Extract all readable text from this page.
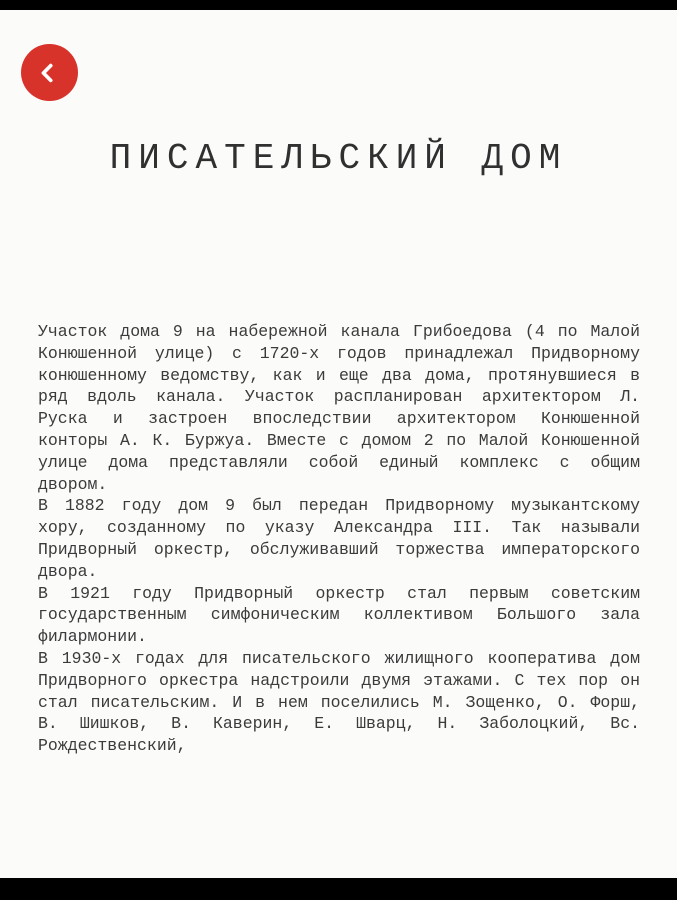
ПИСАТЕЛЬСКИЙ ДОМ

Участок дома 9 на набережной канала Грибоедова (4 по Малой Конюшенной улице) с 1720-х годов принадлежал Придворному конюшенному ведомству, как и еще два дома, протянувшиеся в ряд вдоль канала. Участок распланирован архитектором Л. Руска и застроен впоследствии архитектором Конюшенной конторы А. К. Буржуа. Вместе с домом 2 по Малой Конюшенной улице дома представляли собой единый комплекс с общим двором.

В 1882 году дом 9 был передан Придворному музыкантскому хору, созданному по указу Александра III. Так называли Придворный оркестр, обслуживавший торжества императорского двора.

В 1921 году Придворный оркестр стал первым советским государственным симфоническим коллективом Большого зала филармонии.

В 1930-х годах для писательского жилищного кооператива дом Придворного оркестра надстроили двумя этажами. С тех пор он стал писательским. И в нем поселились М. Зощенко, О. Форш, В. Шишков, В. Каверин, Е. Шварц, Н. Заболоцкий, Вс. Рождественский,
